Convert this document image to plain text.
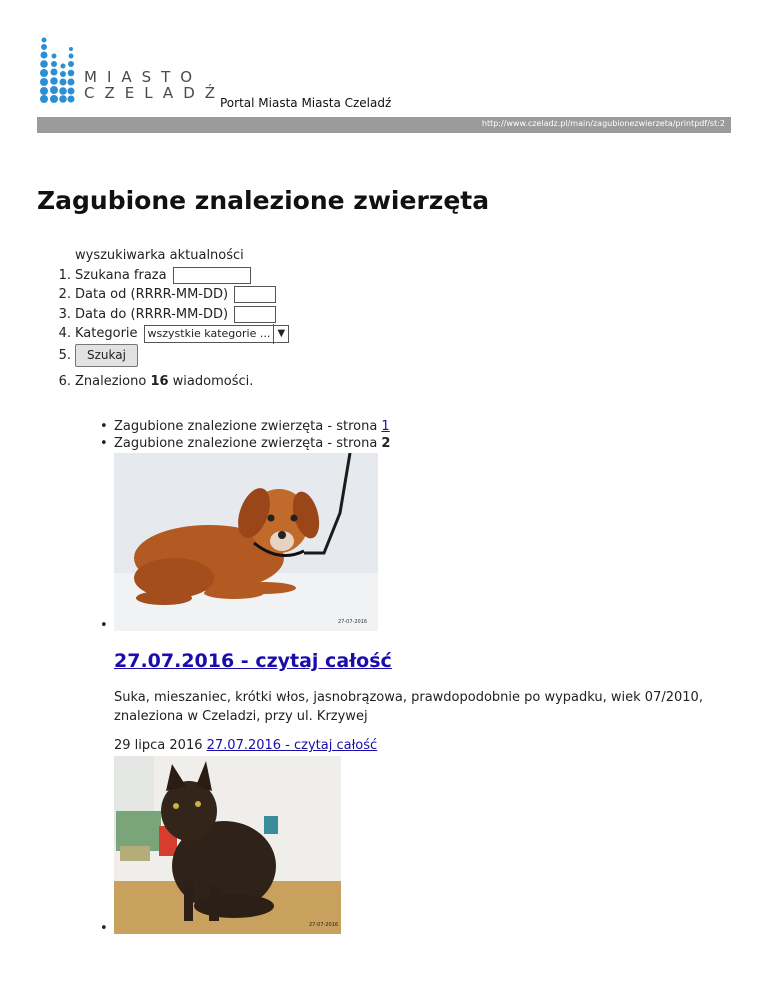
MIASTO
CZELADŹ
Portal Miasta Miasta Czeladź
http://www.czeladz.pl/main/zagubionezwierzeta/printpdf/st:2
Zagubione znalezione zwierzęta
wyszukiwarka aktualności
1. Szukana fraza
2. Data od (RRRR-MM-DD)
3. Data do (RRRR-MM-DD)
4. Kategorie wszystkie kategorie ... ▼
5.	Szukaj
6. Znaleziono 16 wiadomości.
• Zagubione znalezione zwierzęta - strona 1
• Zagubione znalezione zwierzęta - strona 2
•	27-07-2016
27.07.2016 - czytaj całość
Suka, mieszaniec, krótki włos, jasnobrązowa, prawdopodobnie po wypadku, wiek 07/2010, znaleziona w Czeladzi, przy ul. Krzywej
29 lipca 2016 27.07.2016 - czytaj całość
•	27-07-2016
